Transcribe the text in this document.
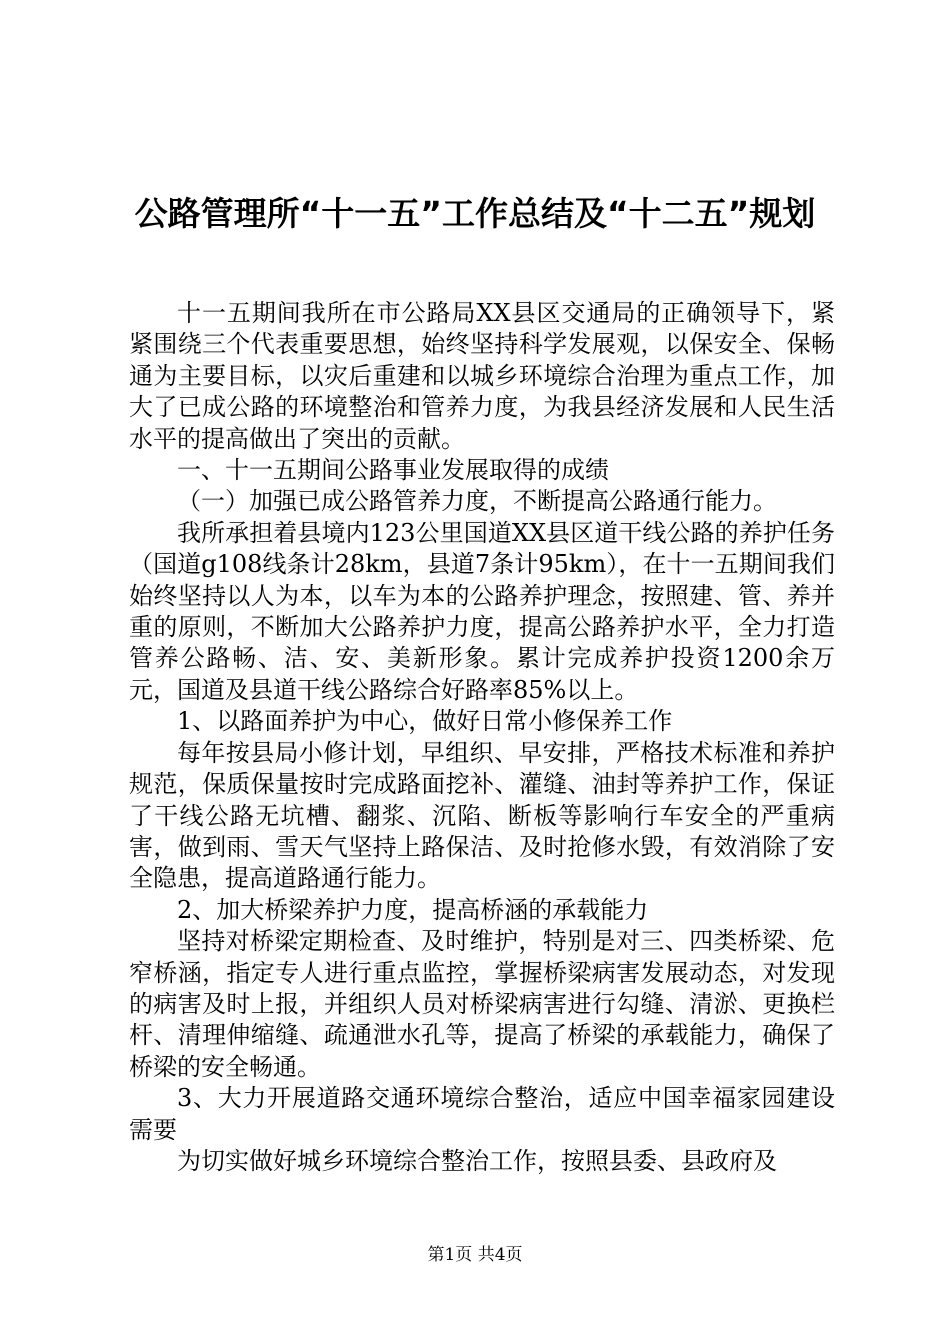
公路管理所“十一五”工作总结及“十二五”规划

十一五期间我所在市公路局XX县区交通局的正确领导下，紧紧围绕三个代表重要思想，始终坚持科学发展观，以保安全、保畅通为主要目标，以灾后重建和以城乡环境综合治理为重点工作，加大了已成公路的环境整治和管养力度，为我县经济发展和人民生活水平的提高做出了突出的贡献。

一、十一五期间公路事业发展取得的成绩

（一）加强已成公路管养力度，不断提高公路通行能力。

我所承担着县境内123公里国道XX县区道干线公路的养护任务（国道g108线条计28km，县道7条计95km），在十一五期间我们始终坚持以人为本，以车为本的公路养护理念，按照建、管、养并重的原则，不断加大公路养护力度，提高公路养护水平，全力打造管养公路畅、洁、安、美新形象。累计完成养护投资1200余万元，国道及县道干线公路综合好路率85%以上。

1、以路面养护为中心，做好日常小修保养工作

每年按县局小修计划，早组织、早安排，严格技术标准和养护规范，保质保量按时完成路面挖补、灌缝、油封等养护工作，保证了干线公路无坑槽、翻浆、沉陷、断板等影响行车安全的严重病害，做到雨、雪天气坚持上路保洁、及时抢修水毁，有效消除了安全隐患，提高道路通行能力。

2、加大桥梁养护力度，提高桥涵的承载能力

坚持对桥梁定期检查、及时维护，特别是对三、四类桥梁、危窄桥涵，指定专人进行重点监控，掌握桥梁病害发展动态，对发现的病害及时上报，并组织人员对桥梁病害进行勾缝、清淤、更换栏杆、清理伸缩缝、疏通泄水孔等，提高了桥梁的承载能力，确保了桥梁的安全畅通。

3、大力开展道路交通环境综合整治，适应中国幸福家园建设需要

为切实做好城乡环境综合整治工作，按照县委、县政府及

第1页 共4页
